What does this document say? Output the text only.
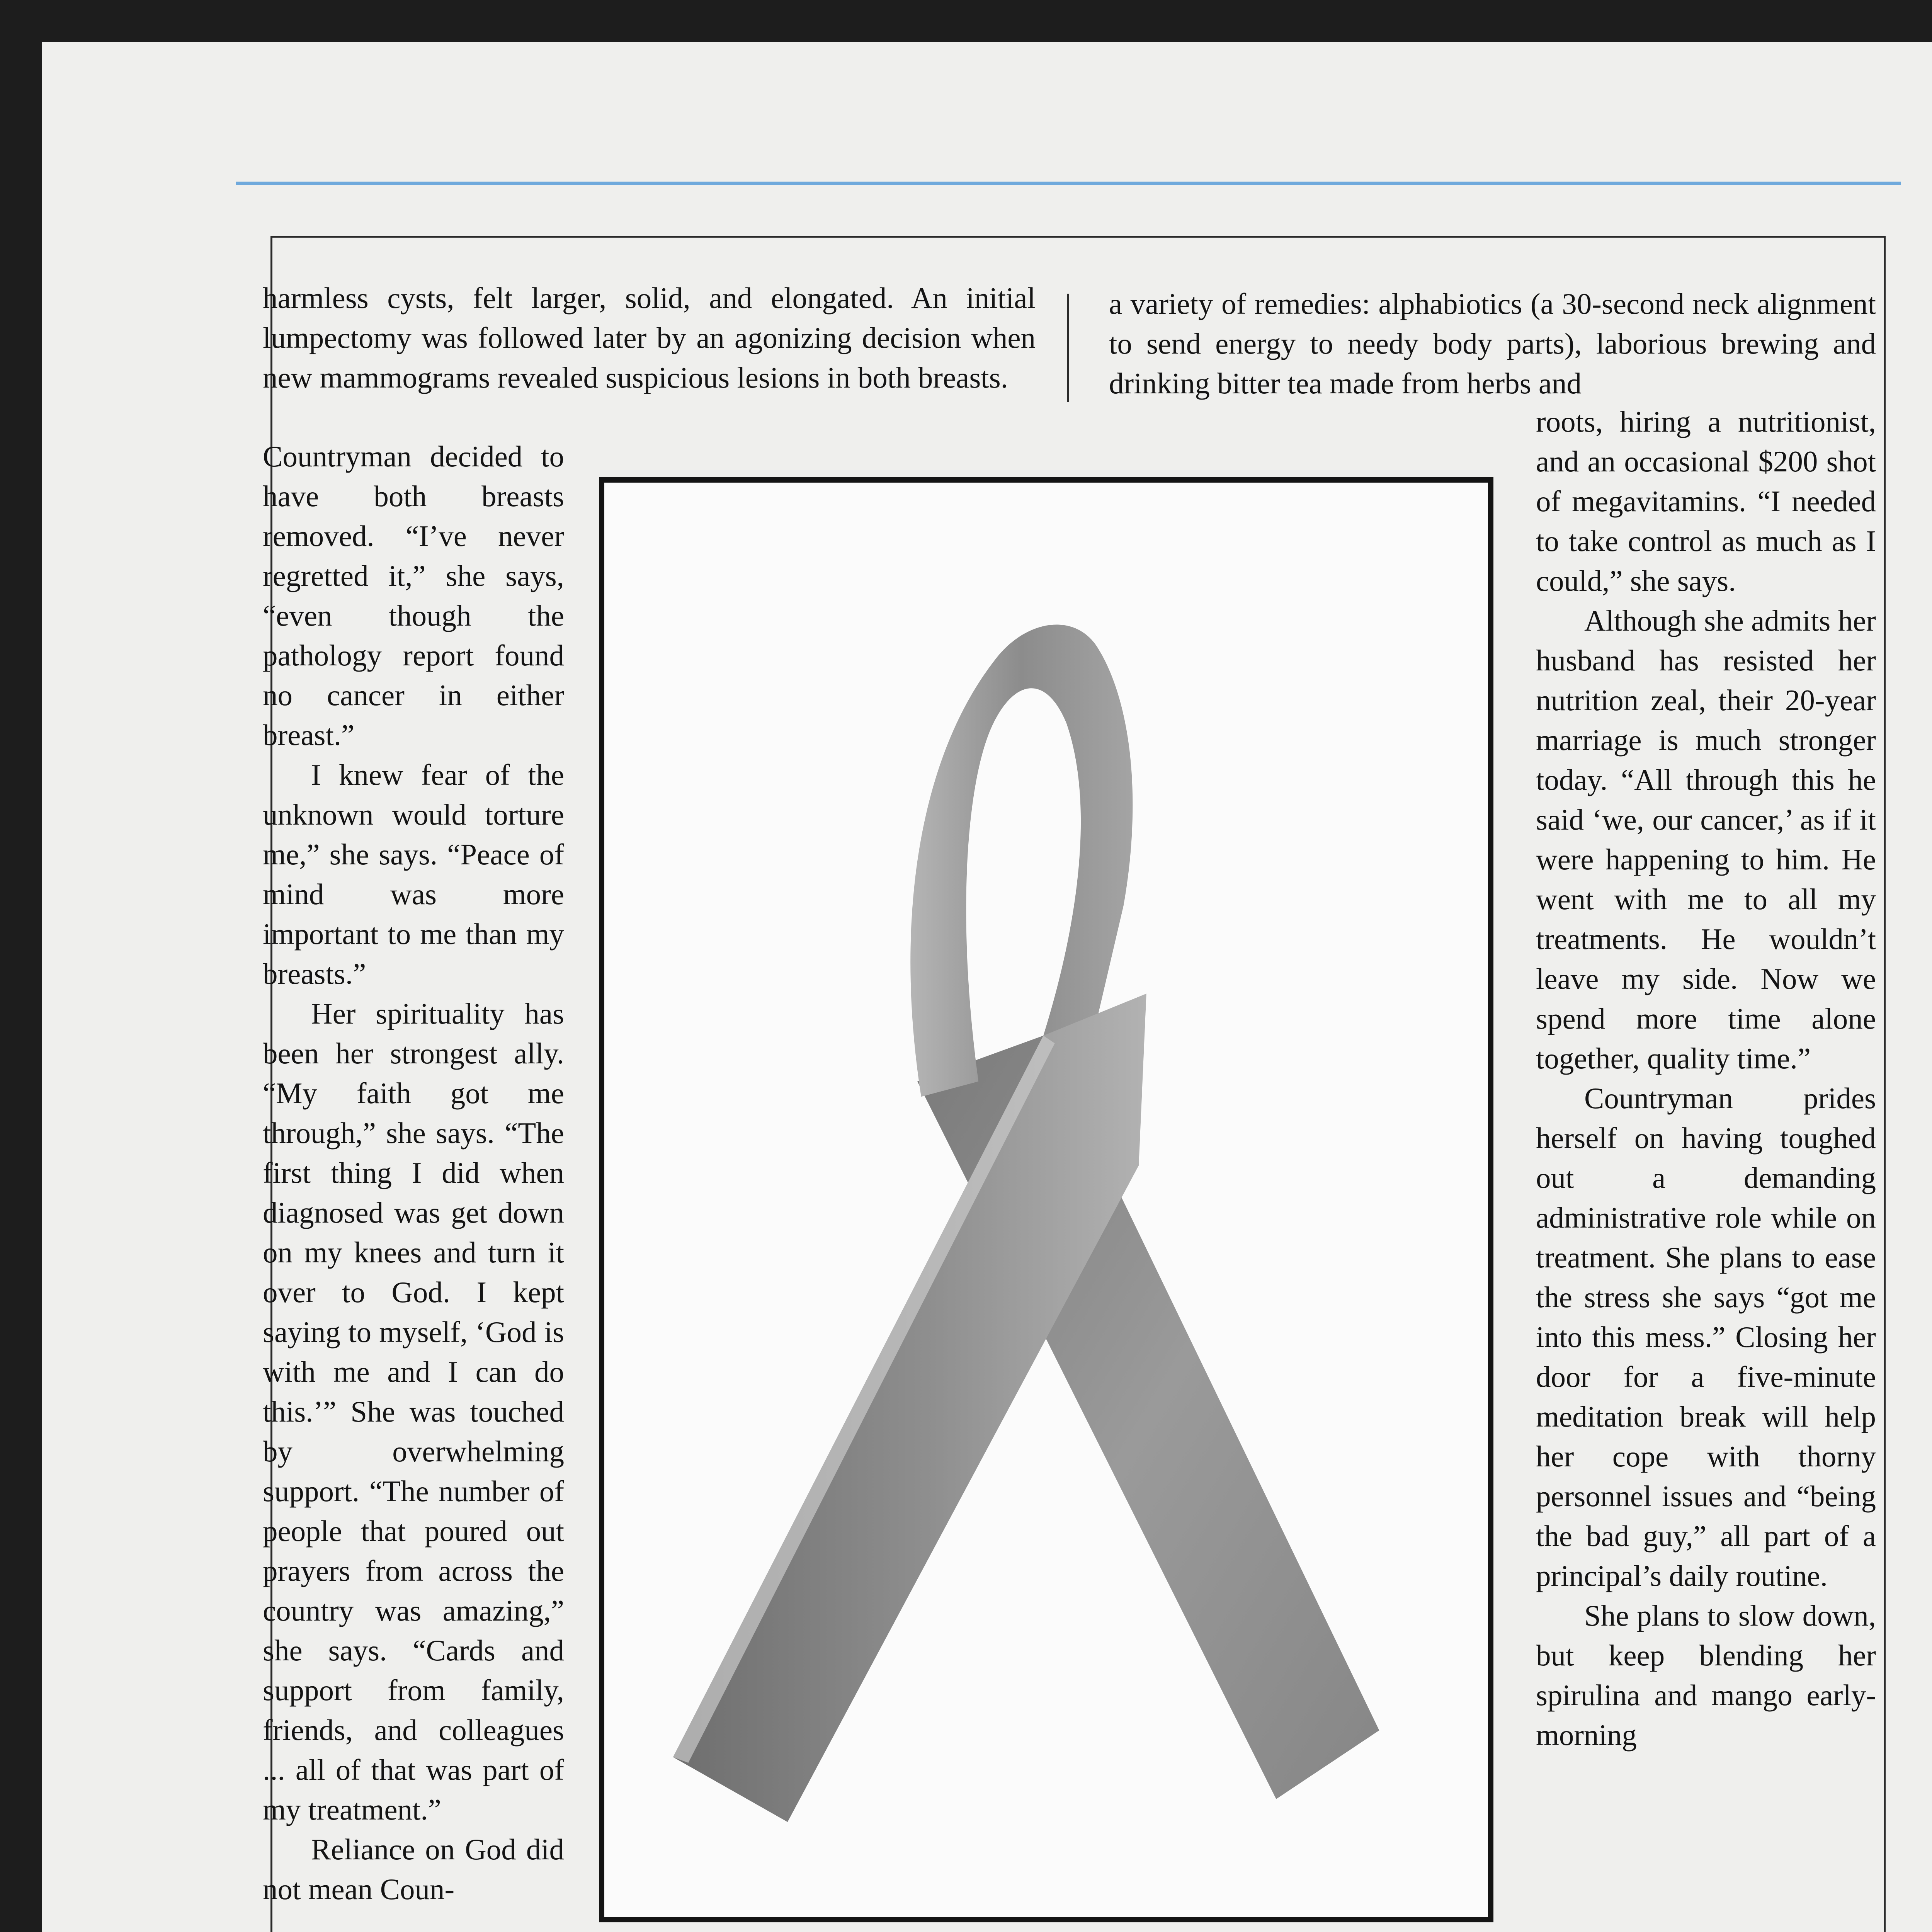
harmless cysts, felt larger, solid, and elongated. An initial lumpectomy was followed later by an agonizing decision when new mammograms revealed suspicious lesions in both breasts.

Countryman decided to have both breasts removed. “I’ve never regretted it,” she says, “even though the pathology report found no cancer in either breast.”

I knew fear of the unknown would torture me,” she says. “Peace of mind was more important to me than my breasts.”

Her spirituality has been her strongest ally. “My faith got me through,” she says. “The first thing I did when diagnosed was get down on my knees and turn it over to God. I kept saying to myself, ‘God is with me and I can do this.’” She was touched by overwhelming support. “The number of people that poured out prayers from across the country was amazing,” she says. “Cards and support from family, friends, and colleagues ... all of that was part of my treatment.”

Reliance on God did not mean Coun-

a variety of remedies: alphabiotics (a 30-second neck alignment to send energy to needy body parts), laborious brewing and drinking bitter tea made from herbs and

roots, hiring a nutritionist, and an occasional $200 shot of megavitamins. “I needed to take control as much as I could,” she says.

Although she admits her husband has resisted her nutrition zeal, their 20-year marriage is much stronger today. “All through this he said ‘we, our cancer,’ as if it were happening to him. He went with me to all my treatments. He wouldn’t leave my side. Now we spend more time alone together, quality time.”

Countryman prides herself on having toughed out a demanding administrative role while on treatment. She plans to ease the stress she says “got me into this mess.” Closing her door for a five-minute meditation break will help her cope with thorny personnel issues and “being the bad guy,” all part of a principal’s daily routine.

She plans to slow down, but keep blending her spirulina and mango early-morning
